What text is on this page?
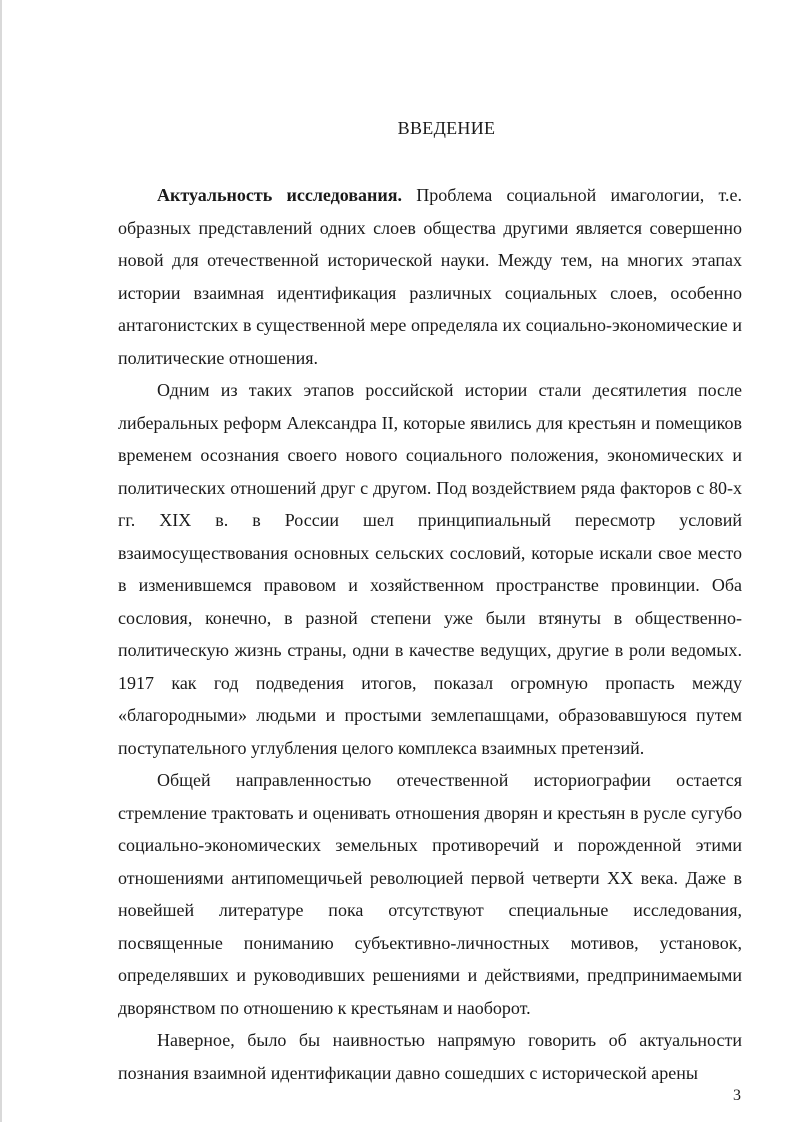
ВВЕДЕНИЕ

Актуальность исследования. Проблема социальной имагологии, т.е. образных представлений одних слоев общества другими является совершенно новой для отечественной исторической науки. Между тем, на многих этапах истории взаимная идентификация различных социальных слоев, особенно антагонистских в существенной мере определяла их социально-экономические и политические отношения.

Одним из таких этапов российской истории стали десятилетия после либеральных реформ Александра II, которые явились для крестьян и помещиков временем осознания своего нового социального положения, экономических и политических отношений друг с другом. Под воздействием ряда факторов с 80-х гг. XIX в. в России шел принципиальный пересмотр условий взаимосуществования основных сельских сословий, которые искали свое место в изменившемся правовом и хозяйственном пространстве провинции. Оба сословия, конечно, в разной степени уже были втянуты в общественно-политическую жизнь страны, одни в качестве ведущих, другие в роли ведомых. 1917 как год подведения итогов, показал огромную пропасть между «благородными» людьми и простыми землепашцами, образовавшуюся путем поступательного углубления целого комплекса взаимных претензий.

Общей направленностью отечественной историографии остается стремление трактовать и оценивать отношения дворян и крестьян в русле сугубо социально-экономических земельных противоречий и порожденной этими отношениями антипомещичьей революцией первой четверти XX века. Даже в новейшей литературе пока отсутствуют специальные исследования, посвященные пониманию субъективно-личностных мотивов, установок, определявших и руководивших решениями и действиями, предпринимаемыми дворянством по отношению к крестьянам и наоборот.

Наверное, было бы наивностью напрямую говорить об актуальности познания взаимной идентификации давно сошедших с исторической арены

3
